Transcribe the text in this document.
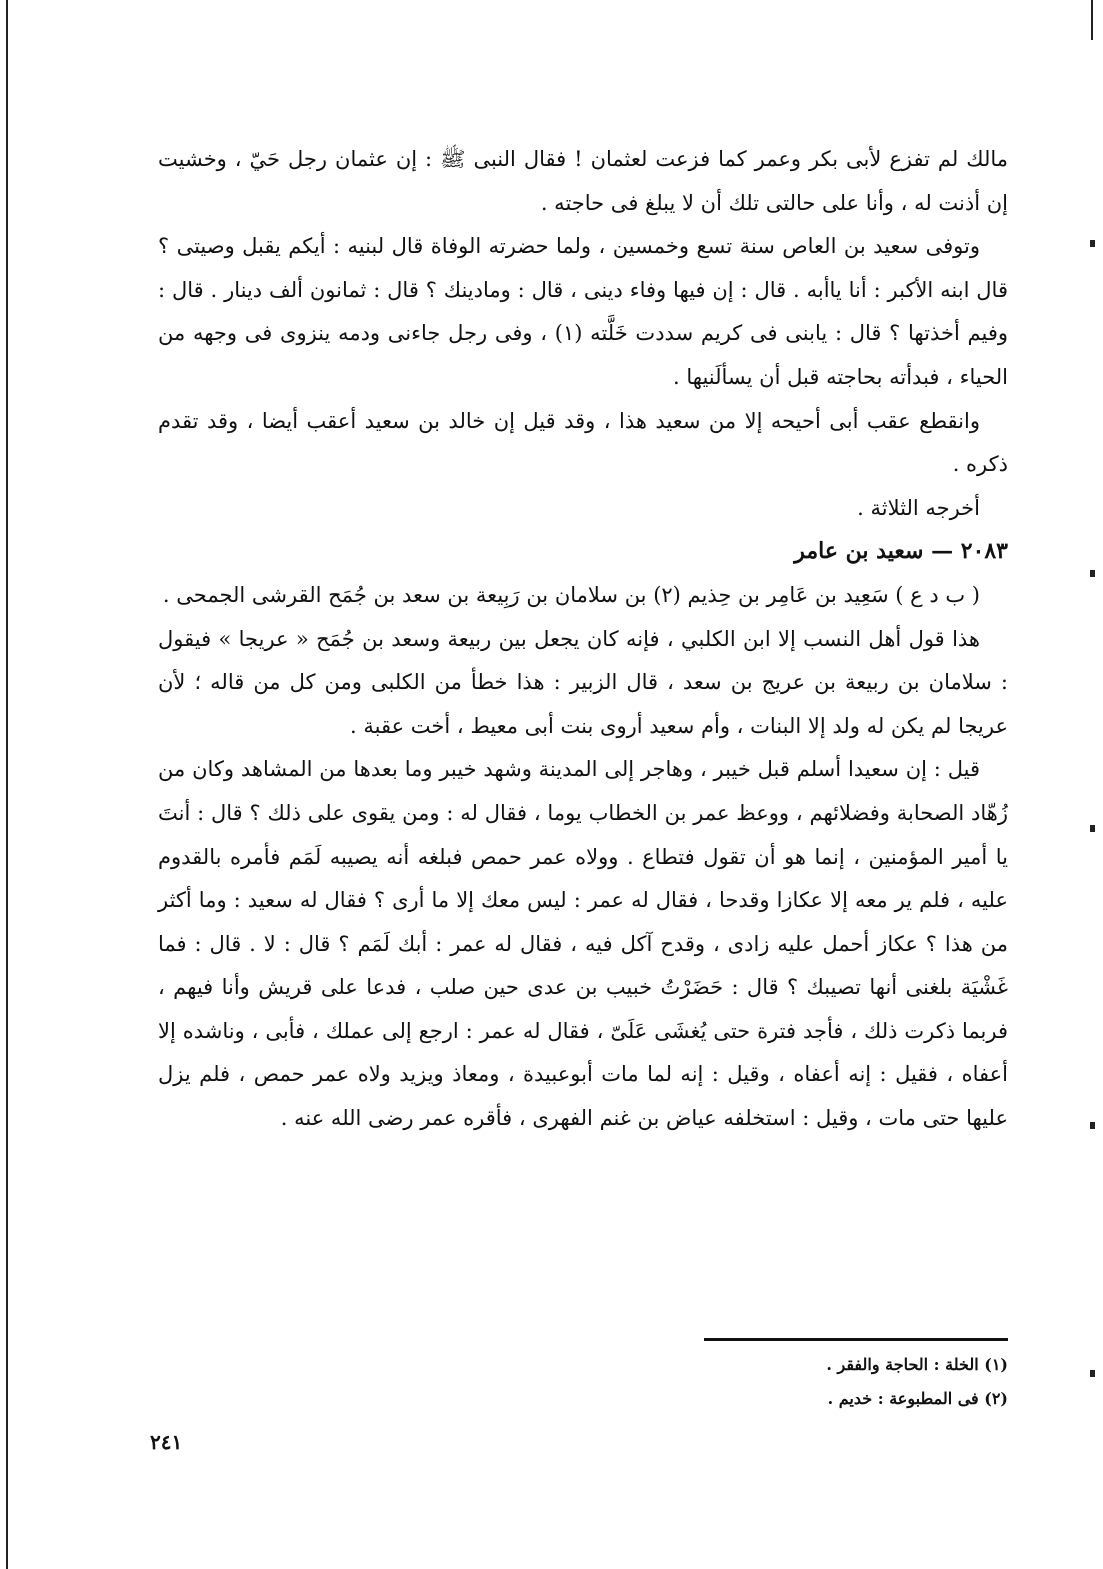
مالك لم تفزع لأبى بكر وعمر كما فزعت لعثمان ! فقال النبى ﷺ : إن عثمان رجل حَيّ ، وخشيت إن أذنت له ، وأنا على حالتى تلك أن لا يبلغ فى حاجته .

وتوفى سعيد بن العاص سنة تسع وخمسين ، ولما حضرته الوفاة قال لبنيه : أيكم يقبل وصيتى ؟ قال ابنه الأكبر : أنا ياأبه . قال : إن فيها وفاء دينى ، قال : ومادينك ؟ قال : ثمانون ألف دينار . قال : وفيم أخذتها ؟ قال : يابنى فى كريم سددت خَلَّته (١) ، وفى رجل جاءنى ودمه ينزوى فى وجهه من الحياء ، فبدأته بحاجته قبل أن يسألَنيها .

وانقطع عقب أبى أحيحه إلا من سعيد هذا ، وقد قيل إن خالد بن سعيد أعقب أيضا ، وقد تقدم ذكره .

أخرجه الثلاثة .

٢٠٨٣ — سعيد بن عامر

( ب د ع ) سَعِيد بن عَامِر بن حِذيم (٢) بن سلامان بن رَبِيعة بن سعد بن جُمَح القرشى الجمحى .

هذا قول أهل النسب إلا ابن الكلبي ، فإنه كان يجعل بين ربيعة وسعد بن جُمَح « عريجا » فيقول : سلامان بن ربيعة بن عريج بن سعد ، قال الزبير : هذا خطأ من الكلبى ومن كل من قاله ؛ لأن عريجا لم يكن له ولد إلا البنات ، وأم سعيد أروى بنت أبى معيط ، أخت عقبة .

قيل : إن سعيدا أسلم قبل خيبر ، وهاجر إلى المدينة وشهد خيبر وما بعدها من المشاهد وكان من زُهّاد الصحابة وفضلائهم ، ووعظ عمر بن الخطاب يوما ، فقال له : ومن يقوى على ذلك ؟ قال : أنتَ يا أمير المؤمنين ، إنما هو أن تقول فتطاع . وولاه عمر حمص فبلغه أنه يصيبه لَمَم فأمره بالقدوم عليه ، فلم ير معه إلا عكازا وقدحا ، فقال له عمر : ليس معك إلا ما أرى ؟ فقال له سعيد : وما أكثر من هذا ؟ عكاز أحمل عليه زادى ، وقدح آكل فيه ، فقال له عمر : أبك لَمَم ؟ قال : لا . قال : فما غَشْيَة بلغنى أنها تصيبك ؟ قال : حَضَرْتُ خبيب بن عدى حين صلب ، فدعا على قريش وأنا فيهم ، فربما ذكرت ذلك ، فأجد فترة حتى يُغشَى عَلَىّ ، فقال له عمر : ارجع إلى عملك ، فأبى ، وناشده إلا أعفاه ، فقيل : إنه أعفاه ، وقيل : إنه لما مات أبوعبيدة ، ومعاذ ويزيد ولاه عمر حمص ، فلم يزل عليها حتى مات ، وقيل : استخلفه عياض بن غنم الفهرى ، فأقره عمر رضى الله عنه .

(١) الخلة : الحاجة والفقر .

(٢) فى المطبوعة : خديم .

٢٤١
